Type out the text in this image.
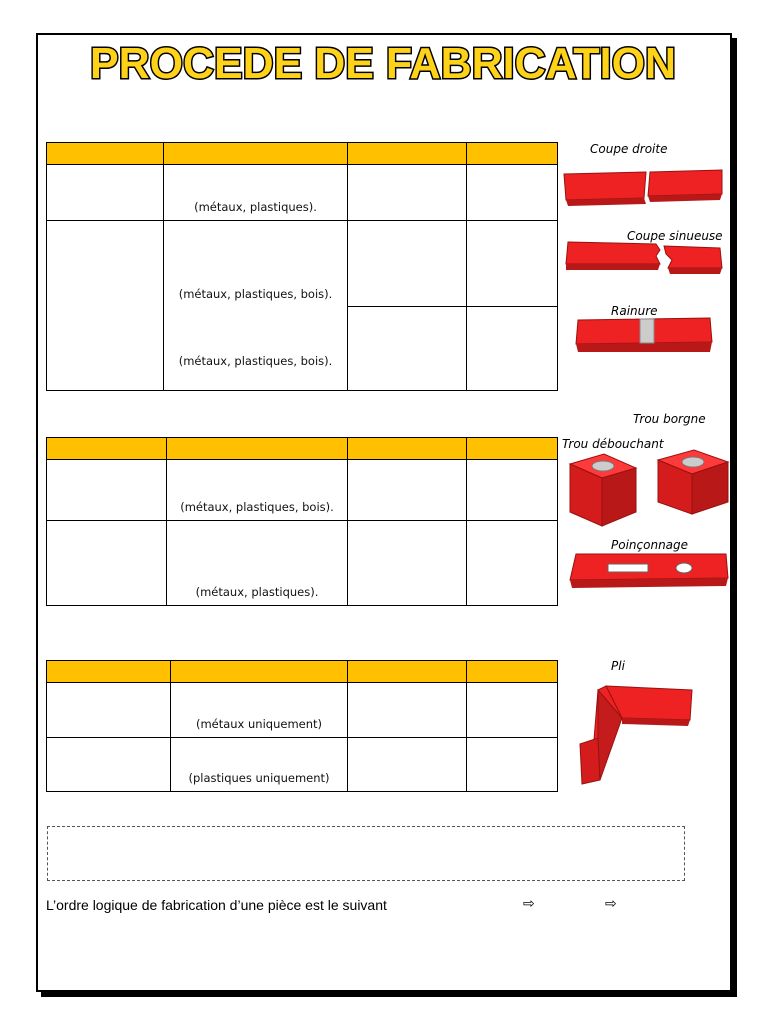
PROCEDE DE FABRICATION

	(métaux, plastiques).		
	(métaux, plastiques, bois).		
	(métaux, plastiques, bois).		

	(métaux, plastiques, bois).		
	(métaux, plastiques).		

	(métaux uniquement)		
	(plastiques uniquement)		
Coupe droite
Coupe sinueuse
Rainure
Trou borgne
Trou débouchant
Poinçonnage
Pli
L’ordre logique de fabrication d’une pièce est le suivant	⇨	⇨
